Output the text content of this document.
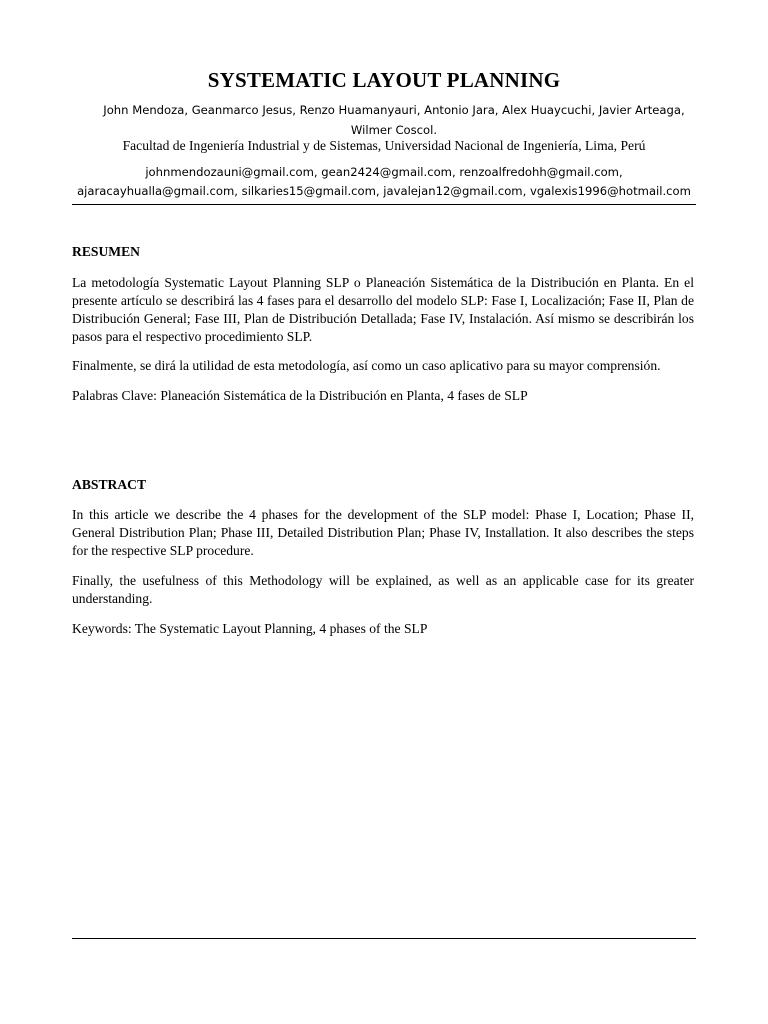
SYSTEMATIC LAYOUT PLANNING
John Mendoza, Geanmarco Jesus, Renzo Huamanyauri, Antonio Jara, Alex Huaycuchi, Javier Arteaga, Wilmer Coscol.
Facultad de Ingeniería Industrial y de Sistemas, Universidad Nacional de Ingeniería, Lima, Perú
johnmendozauni@gmail.com, gean2424@gmail.com, renzoalfredohh@gmail.com, ajaracayhualla@gmail.com, silkaries15@gmail.com, javalejan12@gmail.com, vgalexis1996@hotmail.com
RESUMEN

La metodología Systematic Layout Planning SLP o Planeación Sistemática de la Distribución en Planta. En el presente artículo se describirá las 4 fases para el desarrollo del modelo SLP: Fase I, Localización; Fase II, Plan de Distribución General; Fase III, Plan de Distribución Detallada; Fase IV, Instalación. Así mismo se describirán los pasos para el respectivo procedimiento SLP.

Finalmente, se dirá la utilidad de esta metodología, así como un caso aplicativo para su mayor comprensión.

Palabras Clave: Planeación Sistemática de la Distribución en Planta, 4 fases de SLP

ABSTRACT

In this article we describe the 4 phases for the development of the SLP model: Phase I, Location; Phase II, General Distribution Plan; Phase III, Detailed Distribution Plan; Phase IV, Installation. It also describes the steps for the respective SLP procedure.

Finally, the usefulness of this Methodology will be explained, as well as an applicable case for its greater understanding.

Keywords: The Systematic Layout Planning, 4 phases of the SLP
